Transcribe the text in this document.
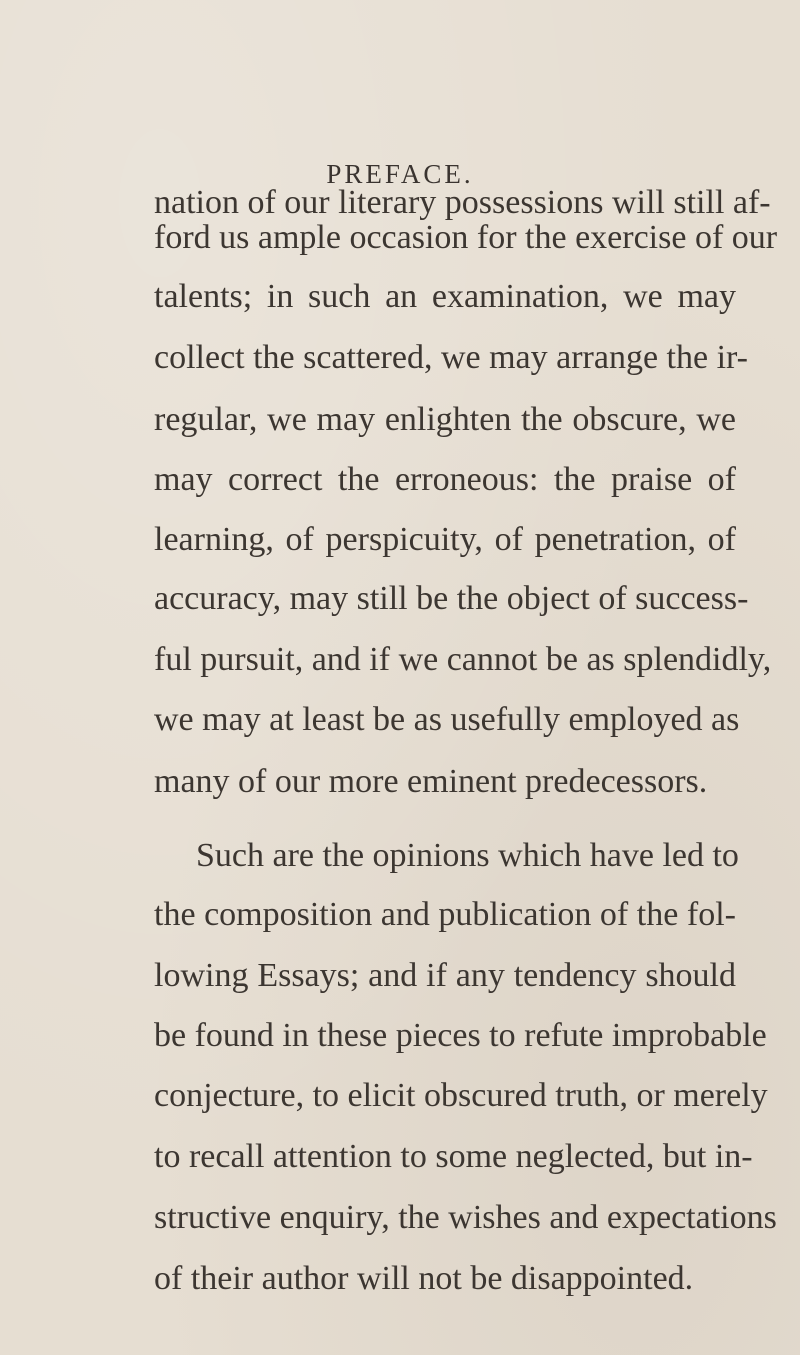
PREFACE.
nation of our literary possessions will still af-
ford us ample occasion for the exercise of our
talents; in such an examination, we may
collect the scattered, we may arrange the ir-
regular, we may enlighten the obscure, we
may correct the erroneous: the praise of
learning, of perspicuity, of penetration, of
accuracy, may still be the object of success-
ful pursuit, and if we cannot be as splendidly,
we may at least be as usefully employed as
many of our more eminent predecessors.
Such are the opinions which have led to
the composition and publication of the fol-
lowing Essays; and if any tendency should
be found in these pieces to refute improbable
conjecture, to elicit obscured truth, or merely
to recall attention to some neglected, but in-
structive enquiry, the wishes and expectations
of their author will not be disappointed.
